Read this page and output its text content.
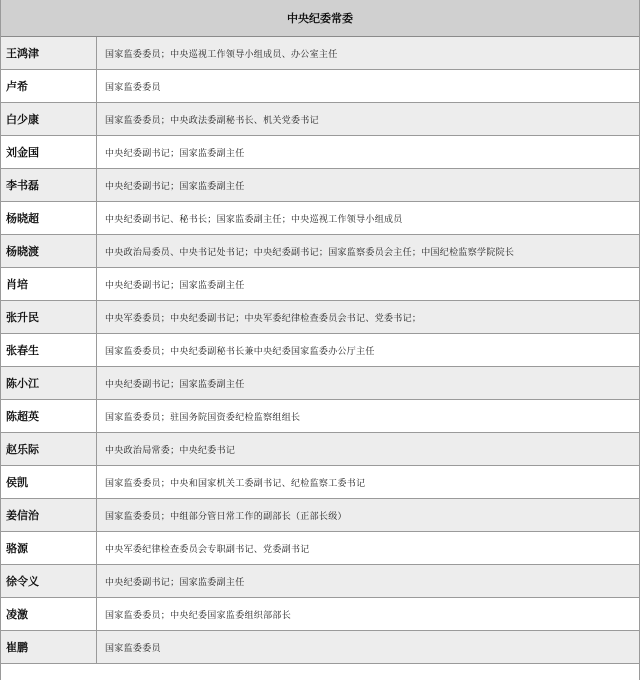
中央纪委常委
王鸿津	国家监委委员；中央巡视工作领导小组成员、办公室主任
卢希	国家监委委员
白少康	国家监委委员；中央政法委副秘书长、机关党委书记
刘金国	中央纪委副书记；国家监委副主任
李书磊	中央纪委副书记；国家监委副主任
杨晓超	中央纪委副书记、秘书长；国家监委副主任；中央巡视工作领导小组成员
杨晓渡	中央政治局委员、中央书记处书记；中央纪委副书记；国家监察委员会主任；中国纪检监察学院院长
肖培	中央纪委副书记；国家监委副主任
张升民	中央军委委员；中央纪委副书记；中央军委纪律检查委员会书记、党委书记；
张春生	国家监委委员；中央纪委副秘书长兼中央纪委国家监委办公厅主任
陈小江	中央纪委副书记；国家监委副主任
陈超英	国家监委委员；驻国务院国资委纪检监察组组长
赵乐际	中央政治局常委；中央纪委书记
侯凯	国家监委委员；中央和国家机关工委副书记、纪检监察工委书记
姜信治	国家监委委员；中组部分管日常工作的副部长（正部长级）
骆源	中央军委纪律检查委员会专职副书记、党委副书记
徐令义	中央纪委副书记；国家监委副主任
凌激	国家监委委员；中央纪委国家监委组织部部长
崔鹏	国家监委委员
